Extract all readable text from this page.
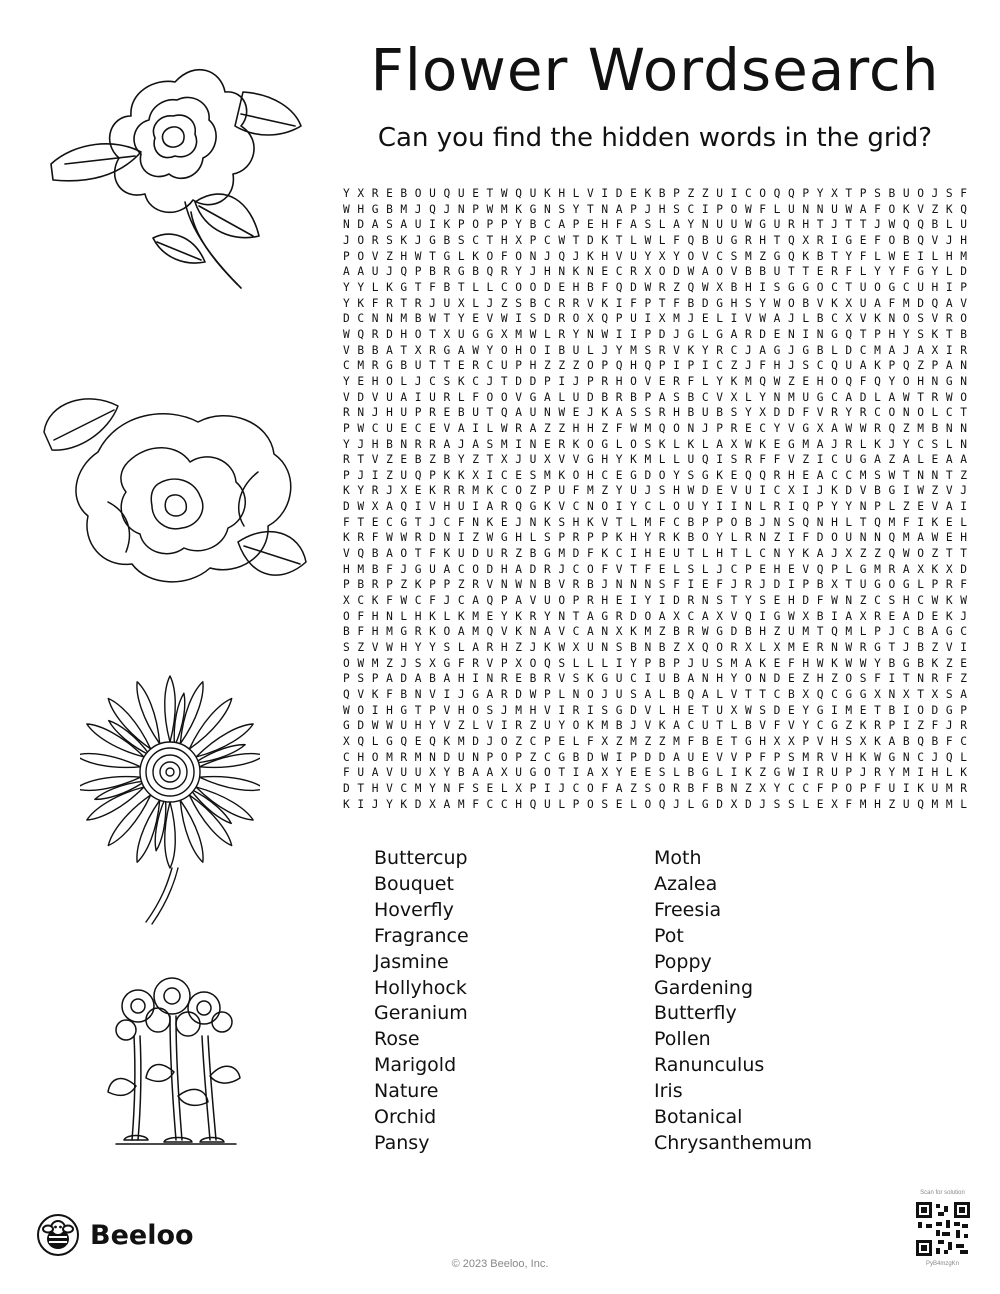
Flower Wordsearch

Can you find the hidden words in the grid?

Y X R E B O U Q U E T W Q U K H L V I D E K B P Z Z U I C O Q Q P Y X T P S B U O J S F
W H G B M J Q J N P W M K G N S Y T N A P J H S C I P O W F L U N N U W A F O K V Z K Q
N D A S A U I K P O P P Y B C A P E H F A S L A Y N U U W G U R H T J T T J W Q Q B L U
J O R S K J G B S C T H X P C W T D K T L W L F Q B U G R H T Q X R I G E F O B Q V J H
P O V Z H W T G L K O F O N J Q J K H V U Y X Y O V C S M Z G Q K B T Y F L W E I L H M
A A U J Q P B R G B Q R Y J H N K N E C R X O D W A O V B B U T T E R F L Y Y F G Y L D
Y Y L K G T F B T L L C O O D E H B F Q D W R Z Q W X B H I S G G O C T U O G C U H I P
Y K F R T R J U X L J Z S B C R R V K I F P T F B D G H S Y W O B V K X U A F M D Q A V
D C N N M B W T Y E V W I S D R O X Q P U I X M J E L I V W A J L B C X V K N O S V R O
W Q R D H O T X U G G X M W L R Y N W I I P D J G L G A R D E N I N G Q T P H Y S K T B
V B B A T X R G A W Y O H O I B U L J Y M S R V K Y R C J A G J G B L D C M A J A X I R
C M R G B U T T E R C U P H Z Z Z O P Q H Q P I P I C Z J F H J S C Q U A K P Q Z P A N
Y E H O L J C S K C J T D D P I J P R H O V E R F L Y K M Q W Z E H O Q F Q Y O H N G N
V D V U A I U R L F O O V G A L U D B R B P A S B C V X L Y N M U G C A D L A W T R W O
R N J H U P R E B U T Q A U N W E J K A S S R H B U B S Y X D D F V R Y R C O N O L C T
P W C U E C E V A I L W R A Z Z H H Z F W M Q O N J P R E C Y V G X A W W R Q Z M B N N
Y J H B N R R A J A S M I N E R K O G L O S K L K L A X W K E G M A J R L K J Y C S L N
R T V Z E B Z B Y Z T X J U X V V G H Y K M L L U Q I S R F F V Z I C U G A Z A L E A A
P J I Z U Q P K K X I C E S M K O H C E G D O Y S G K E Q Q R H E A C C M S W T N N T Z
K Y R J X E K R R M K C O Z P U F M Z Y U J S H W D E V U I C X I J K D V B G I W Z V J
D W X A Q I V H U I A R Q G K V C N O I Y C L O U Y I I N L R I Q P Y Y N P L Z E V A I
F T E C G T J C F N K E J N K S H K V T L M F C B P P O B J N S Q N H L T Q M F I K E L
K R F W W R D N I Z W G H L S P R P P K H Y R K B O Y L R N Z I F D O U N N Q M A W E H
V Q B A O T F K U D U R Z B G M D F K C I H E U T L H T L C N Y K A J X Z Z Q W O Z T T
H M B F J G U A C O D H A D R J C O F V T F E L S L J C P E H E V Q P L G M R A X K X D
P B R P Z K P P Z R V N W N B V R B J N N N S F I E F J R J D I P B X T U G O G L P R F
X C K F W C F J C A Q P A V U O P R H E I Y I D R N S T Y S E H D F W N Z C S H C W K W
O F H N L H K L K M E Y K R Y N T A G R D O A X C A X V Q I G W X B I A X R E A D E K J
B F H M G R K O A M Q V K N A V C A N X K M Z B R W G D B H Z U M T Q M L P J C B A G C
S Z V W H Y Y S L A R H Z J K W X U N S B N B Z X Q O R X L X M E R N W R G T J B Z V I
O W M Z J S X G F R V P X O Q S L L L I Y P B P J U S M A K E F H W K W W Y B G B K Z E
P S P A D A B A H I N R E B R V S K G U C I U B A N H Y O N D E Z H Z O S F I T N R F Z
Q V K F B N V I J G A R D W P L N O J U S A L B Q A L V T T C B X Q C G G X N X T X S A
W O I H G T P V H O S J M H V I R I S G D V L H E T U X W S D E Y G I M E T B I O D G P
G D W W U H Y V Z L V I R Z U Y O K M B J V K A C U T L B V F V Y C G Z K R P I Z F J R
X Q L G Q E Q K M D J O Z C P E L F X Z M Z Z M F B E T G H X X P V H S X K A B Q B F C
C H O M R M N D U N P O P Z C G B D W I P D D A U E V V P F P S M R V H K W G N C J Q L
F U A V U U X Y B A A X U G O T I A X Y E E S L B G L I K Z G W I R U P J R Y M I H L K
D T H V C M Y N F S E L X P I J C O F A Z S O R B F B N Z X Y C C F P O P F U I K U M R
K I J Y K D X A M F C C H Q U L P O S E L O Q J L G D X D J S S L E X F M H Z U Q M M L
Buttercup
Bouquet
Hoverfly
Fragrance
Jasmine
Hollyhock
Geranium
Rose
Marigold
Nature
Orchid
Pansy
Moth
Azalea
Freesia
Pot
Poppy
Gardening
Butterfly
Pollen
Ranunculus
Iris
Botanical
Chrysanthemum
Beeloo
© 2023 Beeloo, Inc.
Scan for solution
PyB4mzgKn
